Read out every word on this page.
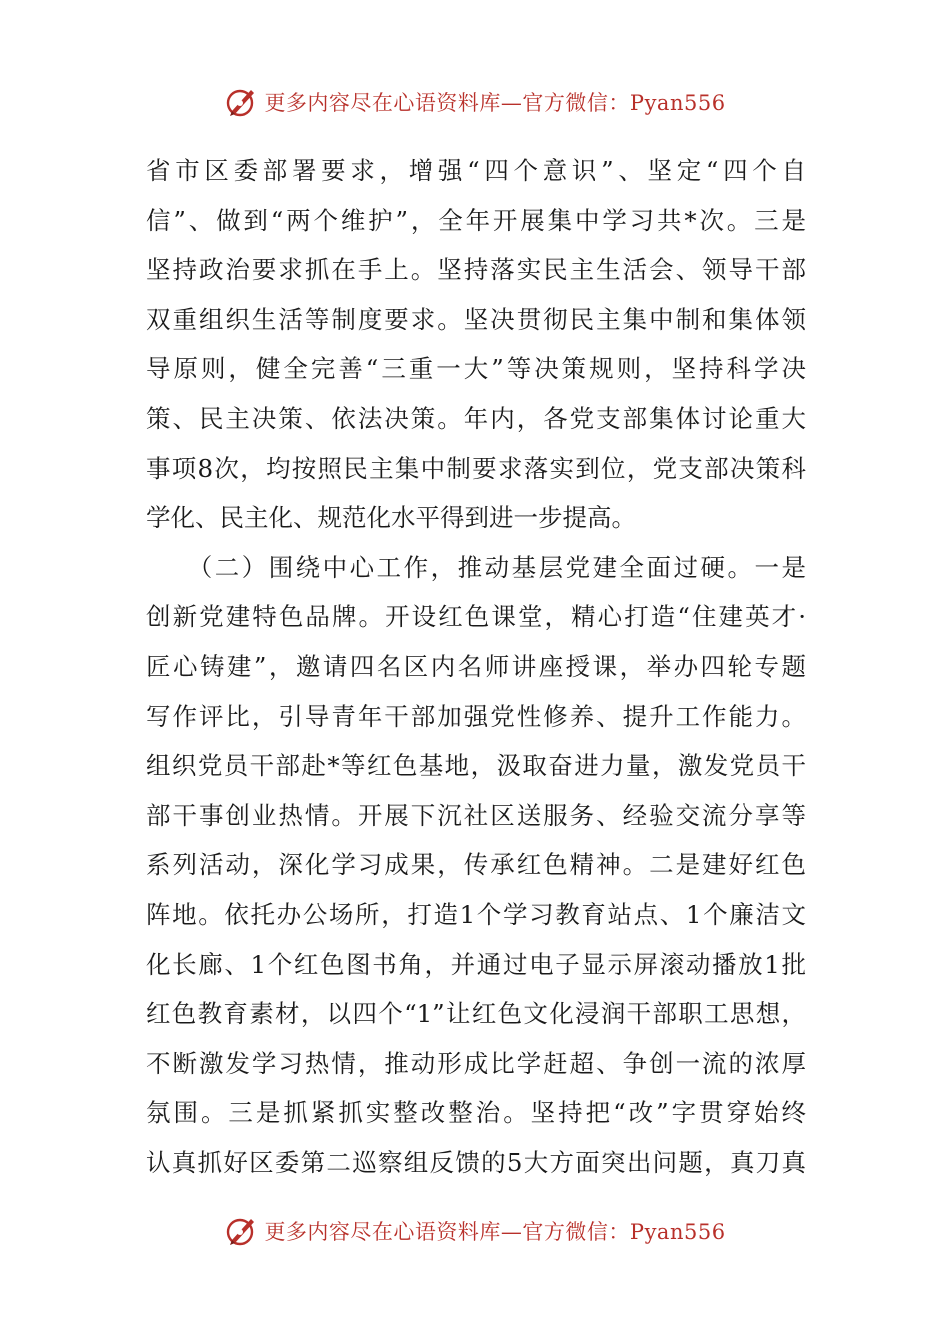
更多内容尽在心语资料库—官方微信：Pyan556
省市区委部署要求，增强“四个意识”、坚定“四个自
信”、做到“两个维护”，全年开展集中学习共*次。三是
坚持政治要求抓在手上。坚持落实民主生活会、领导干部
双重组织生活等制度要求。坚决贯彻民主集中制和集体领
导原则，健全完善“三重一大”等决策规则，坚持科学决
策、民主决策、依法决策。年内，各党支部集体讨论重大
事项8次，均按照民主集中制要求落实到位，党支部决策科
学化、民主化、规范化水平得到进一步提高。
　　（二）围绕中心工作，推动基层党建全面过硬。一是
创新党建特色品牌。开设红色课堂，精心打造“住建英才·
匠心铸建”，邀请四名区内名师讲座授课，举办四轮专题
写作评比，引导青年干部加强党性修养、提升工作能力。
组织党员干部赴*等红色基地，汲取奋进力量，激发党员干
部干事创业热情。开展下沉社区送服务、经验交流分享等
系列活动，深化学习成果，传承红色精神。二是建好红色
阵地。依托办公场所，打造1个学习教育站点、1个廉洁文
化长廊、1个红色图书角，并通过电子显示屏滚动播放1批
红色教育素材，以四个“1”让红色文化浸润干部职工思想，
不断激发学习热情，推动形成比学赶超、争创一流的浓厚
氛围。三是抓紧抓实整改整治。坚持把“改”字贯穿始终
认真抓好区委第二巡察组反馈的5大方面突出问题，真刀真
更多内容尽在心语资料库—官方微信：Pyan556
